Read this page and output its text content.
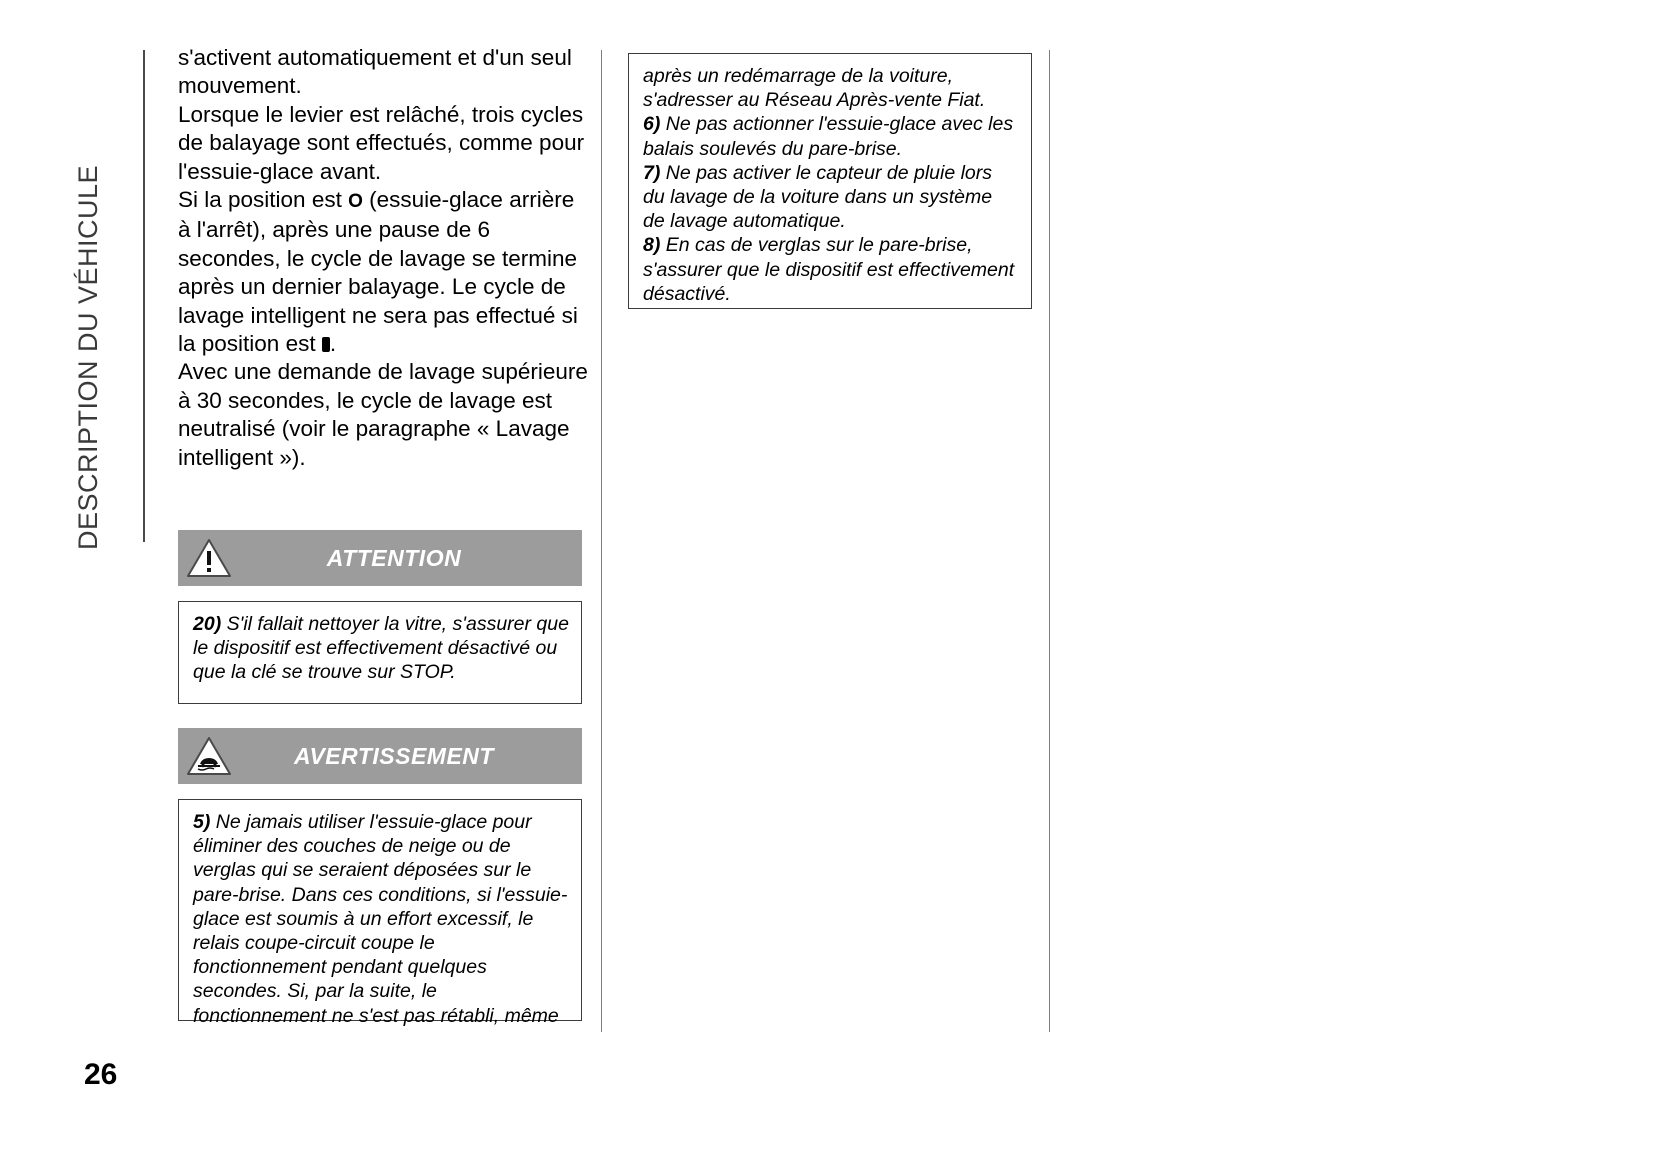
DESCRIPTION DU VÉHICULE

s'activent automatiquement et d'un seul mouvement.

Lorsque le levier est relâché, trois cycles de balayage sont effectués, comme pour l'essuie-glace avant.

Si la position est O (essuie-glace arrière à l'arrêt), après une pause de 6 secondes, le cycle de lavage se termine après un dernier balayage. Le cycle de lavage intelligent ne sera pas effectué si la position est .

Avec une demande de lavage supérieure à 30 secondes, le cycle de lavage est neutralisé (voir le paragraphe « Lavage intelligent »).

ATTENTION
20) S'il fallait nettoyer la vitre, s'assurer que le dispositif est effectivement désactivé ou que la clé se trouve sur STOP.
AVERTISSEMENT
5) Ne jamais utiliser l'essuie-glace pour éliminer des couches de neige ou de verglas qui se seraient déposées sur le pare-brise. Dans ces conditions, si l'essuie-glace est soumis à un effort excessif, le relais coupe-circuit coupe le fonctionnement pendant quelques secondes. Si, par la suite, le fonctionnement ne s'est pas rétabli, même
après un redémarrage de la voiture, s'adresser au Réseau Après-vente Fiat.
6) Ne pas actionner l'essuie-glace avec les balais soulevés du pare-brise.
7) Ne pas activer le capteur de pluie lors du lavage de la voiture dans un système de lavage automatique.
8) En cas de verglas sur le pare-brise, s'assurer que le dispositif est effectivement désactivé.
26
